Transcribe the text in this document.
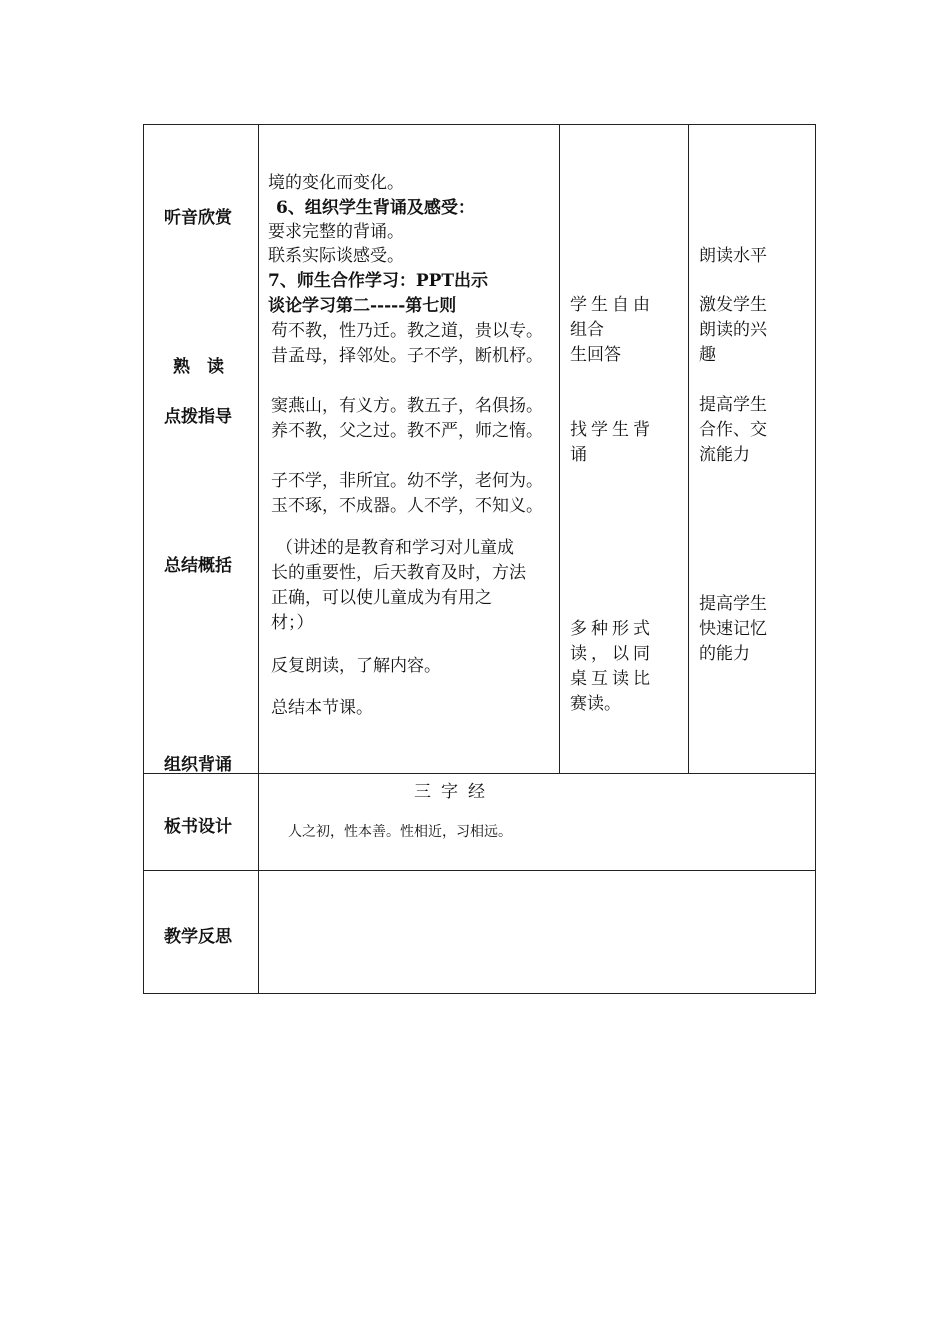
听音欣赏
熟　读
点拨指导
总结概括
组织背诵
境的变化而变化。
6、组织学生背诵及感受：
要求完整的背诵。
联系实际谈感受。
7、师生合作学习：PPT出示
谈论学习第二-----第七则
苟不教，性乃迁。教之道，贵以专。
昔孟母，择邻处。子不学，断机杼。
窦燕山，有义方。教五子，名俱扬。
养不教，父之过。教不严，师之惰。
子不学，非所宜。幼不学，老何为。
玉不琢，不成器。人不学，不知义。
（讲述的是教育和学习对儿童成
长的重要性，后天教育及时，方法
正确，可以使儿童成为有用之
材；）
反复朗读，了解内容。
总结本节课。
学生自由
组合
生回答
找学生背
诵
多种形式
读，以同
桌互读比
赛读。
朗读水平
激发学生
朗读的兴
趣
提高学生
合作、交
流能力
提高学生
快速记忆
的能力
板书设计
三字经
人之初，性本善。性相近，习相远。
教学反思
